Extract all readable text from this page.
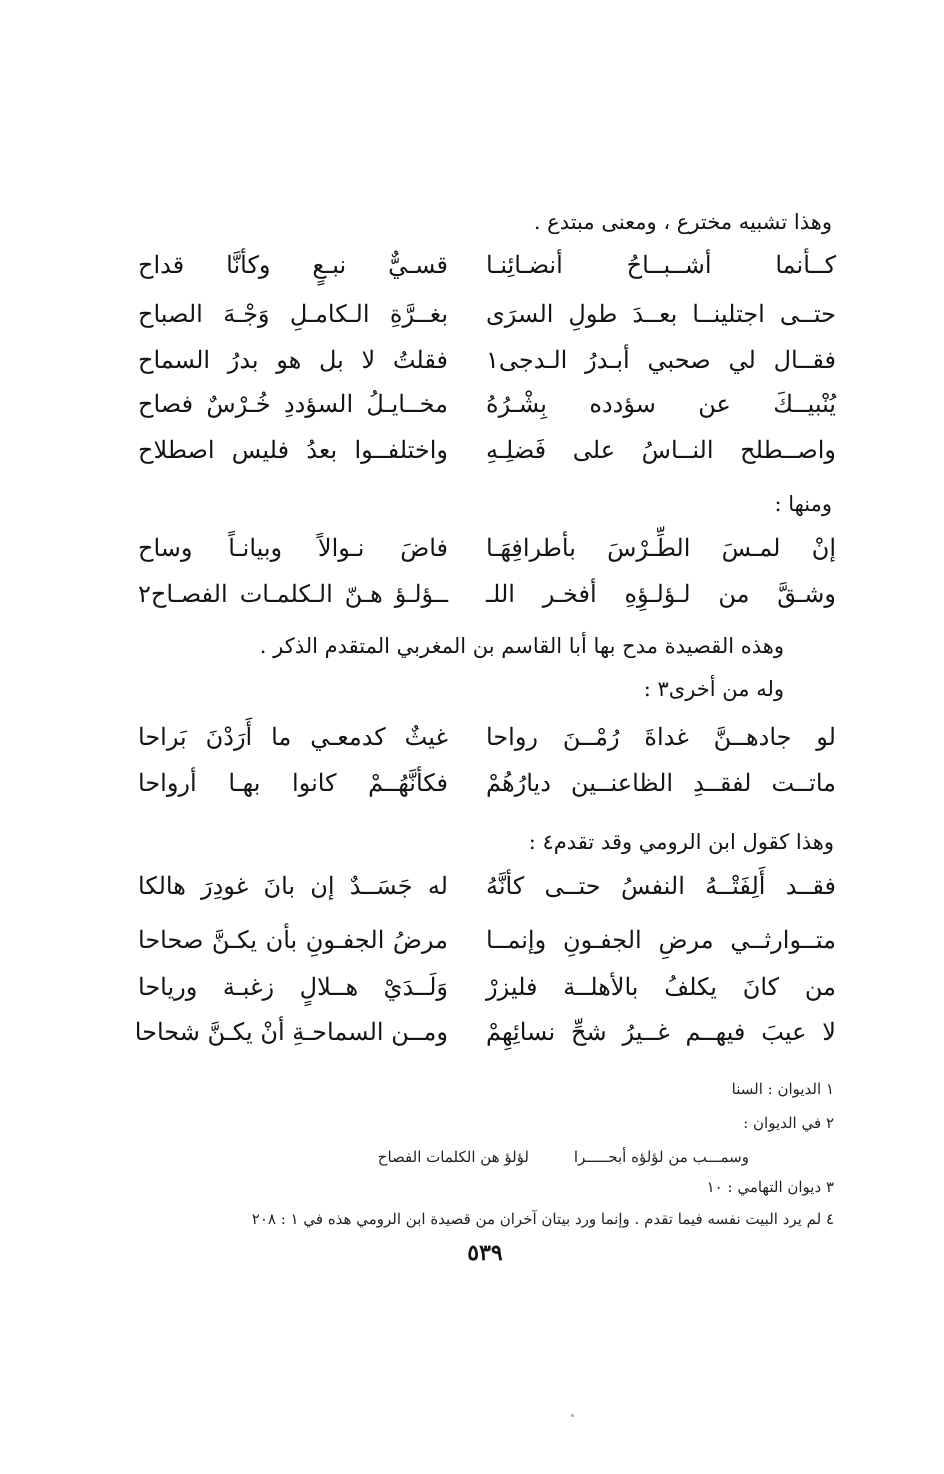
وهذا تشبيه مخترع ، ومعنى مبتدع .
كــأنما أشــبــاحُ أنضـائِنـا
قسـيٌّ نبـعٍ وكأنَّا قداح
حتــى اجتلينــا بعــدَ طولِ السرَى
بغــرَّةِ الـكامـلِ وَجْـهَ الصباح
فقــال لي صحبي أبـدرُ الـدجى١
فقلتُ لا بل هو بدرُ السماح
يُنْبيــكَ عن سؤدده بِشْـرُهُ
مخــايـلُ السؤددِ خُـرْسٌ فصاح
واصــطلح النــاسُ على فَضلِـهِ
واختلفــوا بعدُ فليس اصطلاح
ومنها :
إنْ لمـسَ الطِّـرْسَ بأطرافِهَـا
فاضَ نـوالاً وبيانـاً وساح
وشـقَّ من لـؤلـؤِهِ أفخـر اللـ
ــؤلـؤ هـنّ الـكلمـات الفصـاح٢
وهذه القصيدة مدح بها أبا القاسم بن المغربي المتقدم الذكر .
وله من أخرى٣ :
لو جادهــنَّ غداةَ رُمْــنَ رواحا
غيثٌ كدمعـي ما أَرَدْنَ بَراحا
ماتــت لفقــدِ الظاعنــين ديارُهُمْ
فكأنَّهُــمْ كانوا بهـا أرواحا
وهذا كقول ابن الرومي وقد تقدم٤ :
فقــد أَلِفَتْــهُ النفسُ حتــى كأنَّهُ
له جَسَــدٌ إن بانَ غودِرَ هالكا
متــوارثــي مرضِ الجفـونِ وإنمــا
مرضُ الجفـونِ بأن يكـنَّ صحاحا
من كانَ يكلفُ بالأهلــة فليزرْ
وَلَــدَيْ هــلالٍ زغبـة ورياحا
لا عيبَ فيهــم غــيرُ شحِّ نسائِهِمْ
ومــن السماحـةِ أنْ يكـنَّ شحاحا
١ الديوان : السنا
٢ في الديوان :
وسمـــب من لؤلؤه أبحـــــرا
لؤلؤ هن الكلمات الفصاح
٣ ديوان التهامي : ١٠
٤ لم يرد البيت نفسه فيما تقدم . وإنما ورد بيتان آخران من قصيدة ابن الرومي هذه في ١ : ٢٠٨
٥٣٩
